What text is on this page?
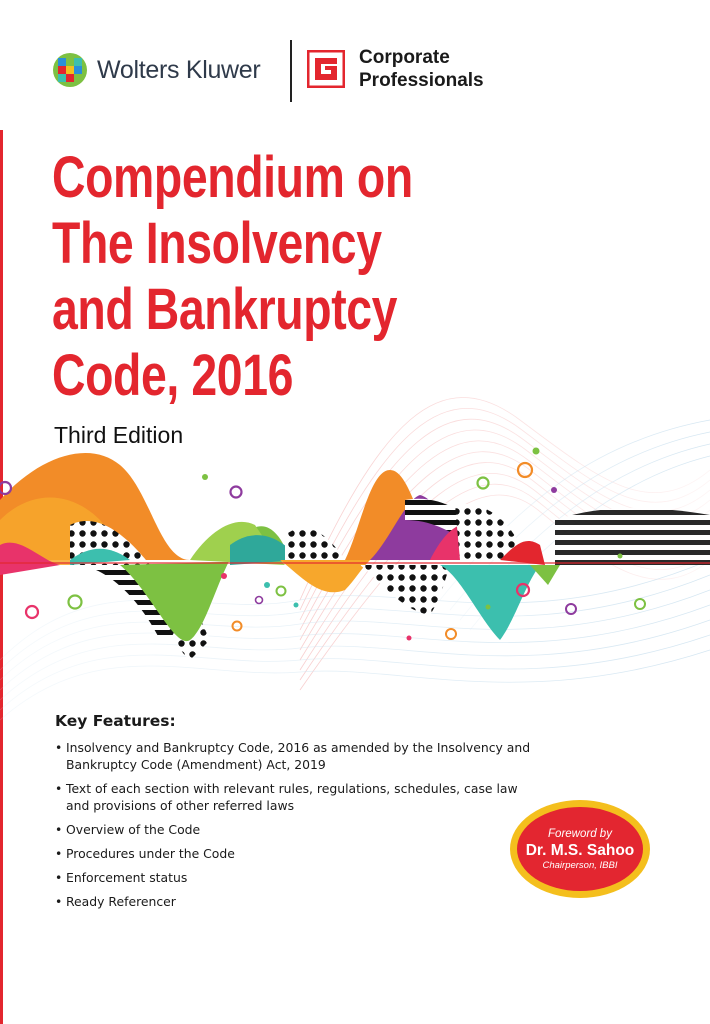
Wolters Kluwer	Corporate
Professionals
Compendium on
The Insolvency
and Bankruptcy
Code, 2016
Third Edition
Key Features:
• Insolvency and Bankruptcy Code, 2016 as amended by the Insolvency and Bankruptcy Code (Amendment) Act, 2019
• Text of each section with relevant rules, regulations, schedules, case law and provisions of other referred laws
• Overview of the Code
• Procedures under the Code
• Enforcement status
• Ready Referencer
Foreword by
Dr. M.S. Sahoo
Chairperson, IBBI
